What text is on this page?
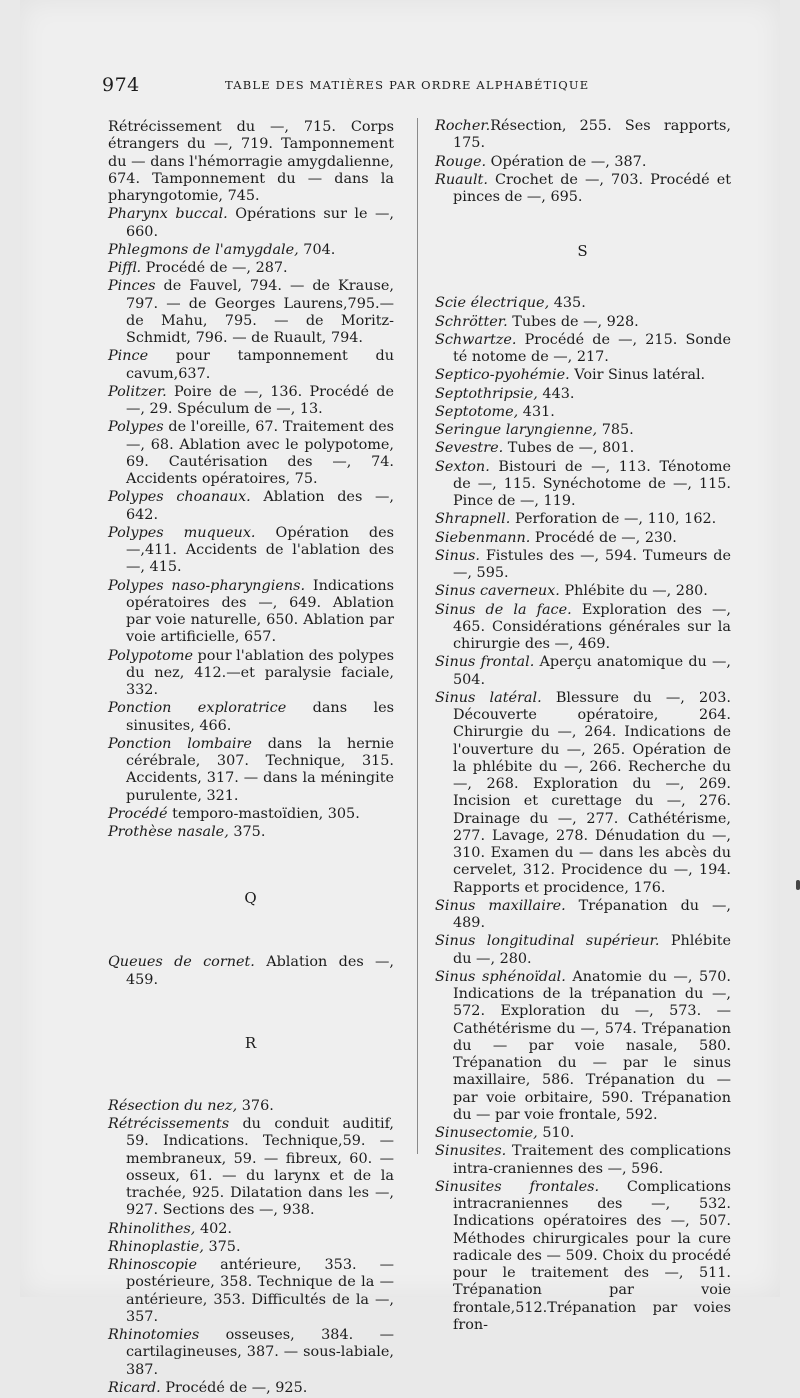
974	TABLE DES MATIÈRES PAR ORDRE ALPHABÉTIQUE

Rétrécissement du —, 715. Corps étrangers du —, 719. Tamponnement du — dans l'hémorragie amygdalienne, 674. Tamponnement du — dans la pharyngotomie, 745.

Pharynx buccal. Opérations sur le —, 660.

Phlegmons de l'amygdale, 704.

Piffl. Procédé de —, 287.

Pinces de Fauvel, 794. — de Krause, 797. — de Georges Laurens,795.— de Mahu, 795. — de Moritz-Schmidt, 796. — de Ruault, 794.

Pince pour tamponnement du cavum,637.

Politzer. Poire de —, 136. Procédé de —, 29. Spéculum de —, 13.

Polypes de l'oreille, 67. Traitement des —, 68. Ablation avec le polypotome, 69. Cautérisation des —, 74. Accidents opératoires, 75.

Polypes choanaux. Ablation des —, 642.

Polypes muqueux. Opération des —,411. Accidents de l'ablation des —, 415.

Polypes naso-pharyngiens. Indications opératoires des —, 649. Ablation par voie naturelle, 650. Ablation par voie artificielle, 657.

Polypotome pour l'ablation des polypes du nez, 412.—et paralysie faciale, 332.

Ponction exploratrice dans les sinusites, 466.

Ponction lombaire dans la hernie cérébrale, 307. Technique, 315. Accidents, 317. — dans la méningite purulente, 321.

Procédé temporo-mastoïdien, 305.

Prothèse nasale, 375.

Q

Queues de cornet. Ablation des —, 459.

R

Résection du nez, 376.

Rétrécissements du conduit auditif, 59. Indications. Technique,59. — membraneux, 59. — fibreux, 60. — osseux, 61. — du larynx et de la trachée, 925. Dilatation dans les —, 927. Sections des —, 938.

Rhinolithes, 402.

Rhinoplastie, 375.

Rhinoscopie antérieure, 353. — postérieure, 358. Technique de la — antérieure, 353. Difficultés de la —, 357.

Rhinotomies osseuses, 384. — cartilagineuses, 387. — sous-labiale, 387.

Ricard. Procédé de —, 925.

Rocher.Résection, 255. Ses rapports, 175.

Rouge. Opération de —, 387.

Ruault. Crochet de —, 703. Procédé et pinces de —, 695.

S

Scie électrique, 435.

Schrötter. Tubes de —, 928.

Schwartze. Procédé de —, 215. Sonde té notome de —, 217.

Septico-pyohémie. Voir Sinus latéral.

Septothripsie, 443.

Septotome, 431.

Seringue laryngienne, 785.

Sevestre. Tubes de —, 801.

Sexton. Bistouri de —, 113. Ténotome de —, 115. Synéchotome de —, 115. Pince de —, 119.

Shrapnell. Perforation de —, 110, 162.

Siebenmann. Procédé de —, 230.

Sinus. Fistules des —, 594. Tumeurs de —, 595.

Sinus caverneux. Phlébite du —, 280.

Sinus de la face. Exploration des —, 465. Considérations générales sur la chirurgie des —, 469.

Sinus frontal. Aperçu anatomique du —, 504.

Sinus latéral. Blessure du —, 203. Découverte opératoire, 264. Chirurgie du —, 264. Indications de l'ouverture du —, 265. Opération de la phlébite du —, 266. Recherche du —, 268. Exploration du —, 269. Incision et curettage du —, 276. Drainage du —, 277. Cathétérisme, 277. Lavage, 278. Dénudation du —, 310. Examen du — dans les abcès du cervelet, 312. Procidence du —, 194. Rapports et procidence, 176.

Sinus maxillaire. Trépanation du —, 489.

Sinus longitudinal supérieur. Phlébite du —, 280.

Sinus sphénoïdal. Anatomie du —, 570. Indications de la trépanation du —, 572. Exploration du —, 573. — Cathétérisme du —, 574. Trépanation du — par voie nasale, 580. Trépanation du — par le sinus maxillaire, 586. Trépanation du — par voie orbitaire, 590. Trépanation du — par voie frontale, 592.

Sinusectomie, 510.

Sinusites. Traitement des complications intra-craniennes des —, 596.

Sinusites frontales. Complications intracraniennes des —, 532. Indications opératoires des —, 507. Méthodes chirurgicales pour la cure radicale des — 509. Choix du procédé pour le traitement des —, 511. Trépanation par voie frontale,512.Trépanation par voies fron-
